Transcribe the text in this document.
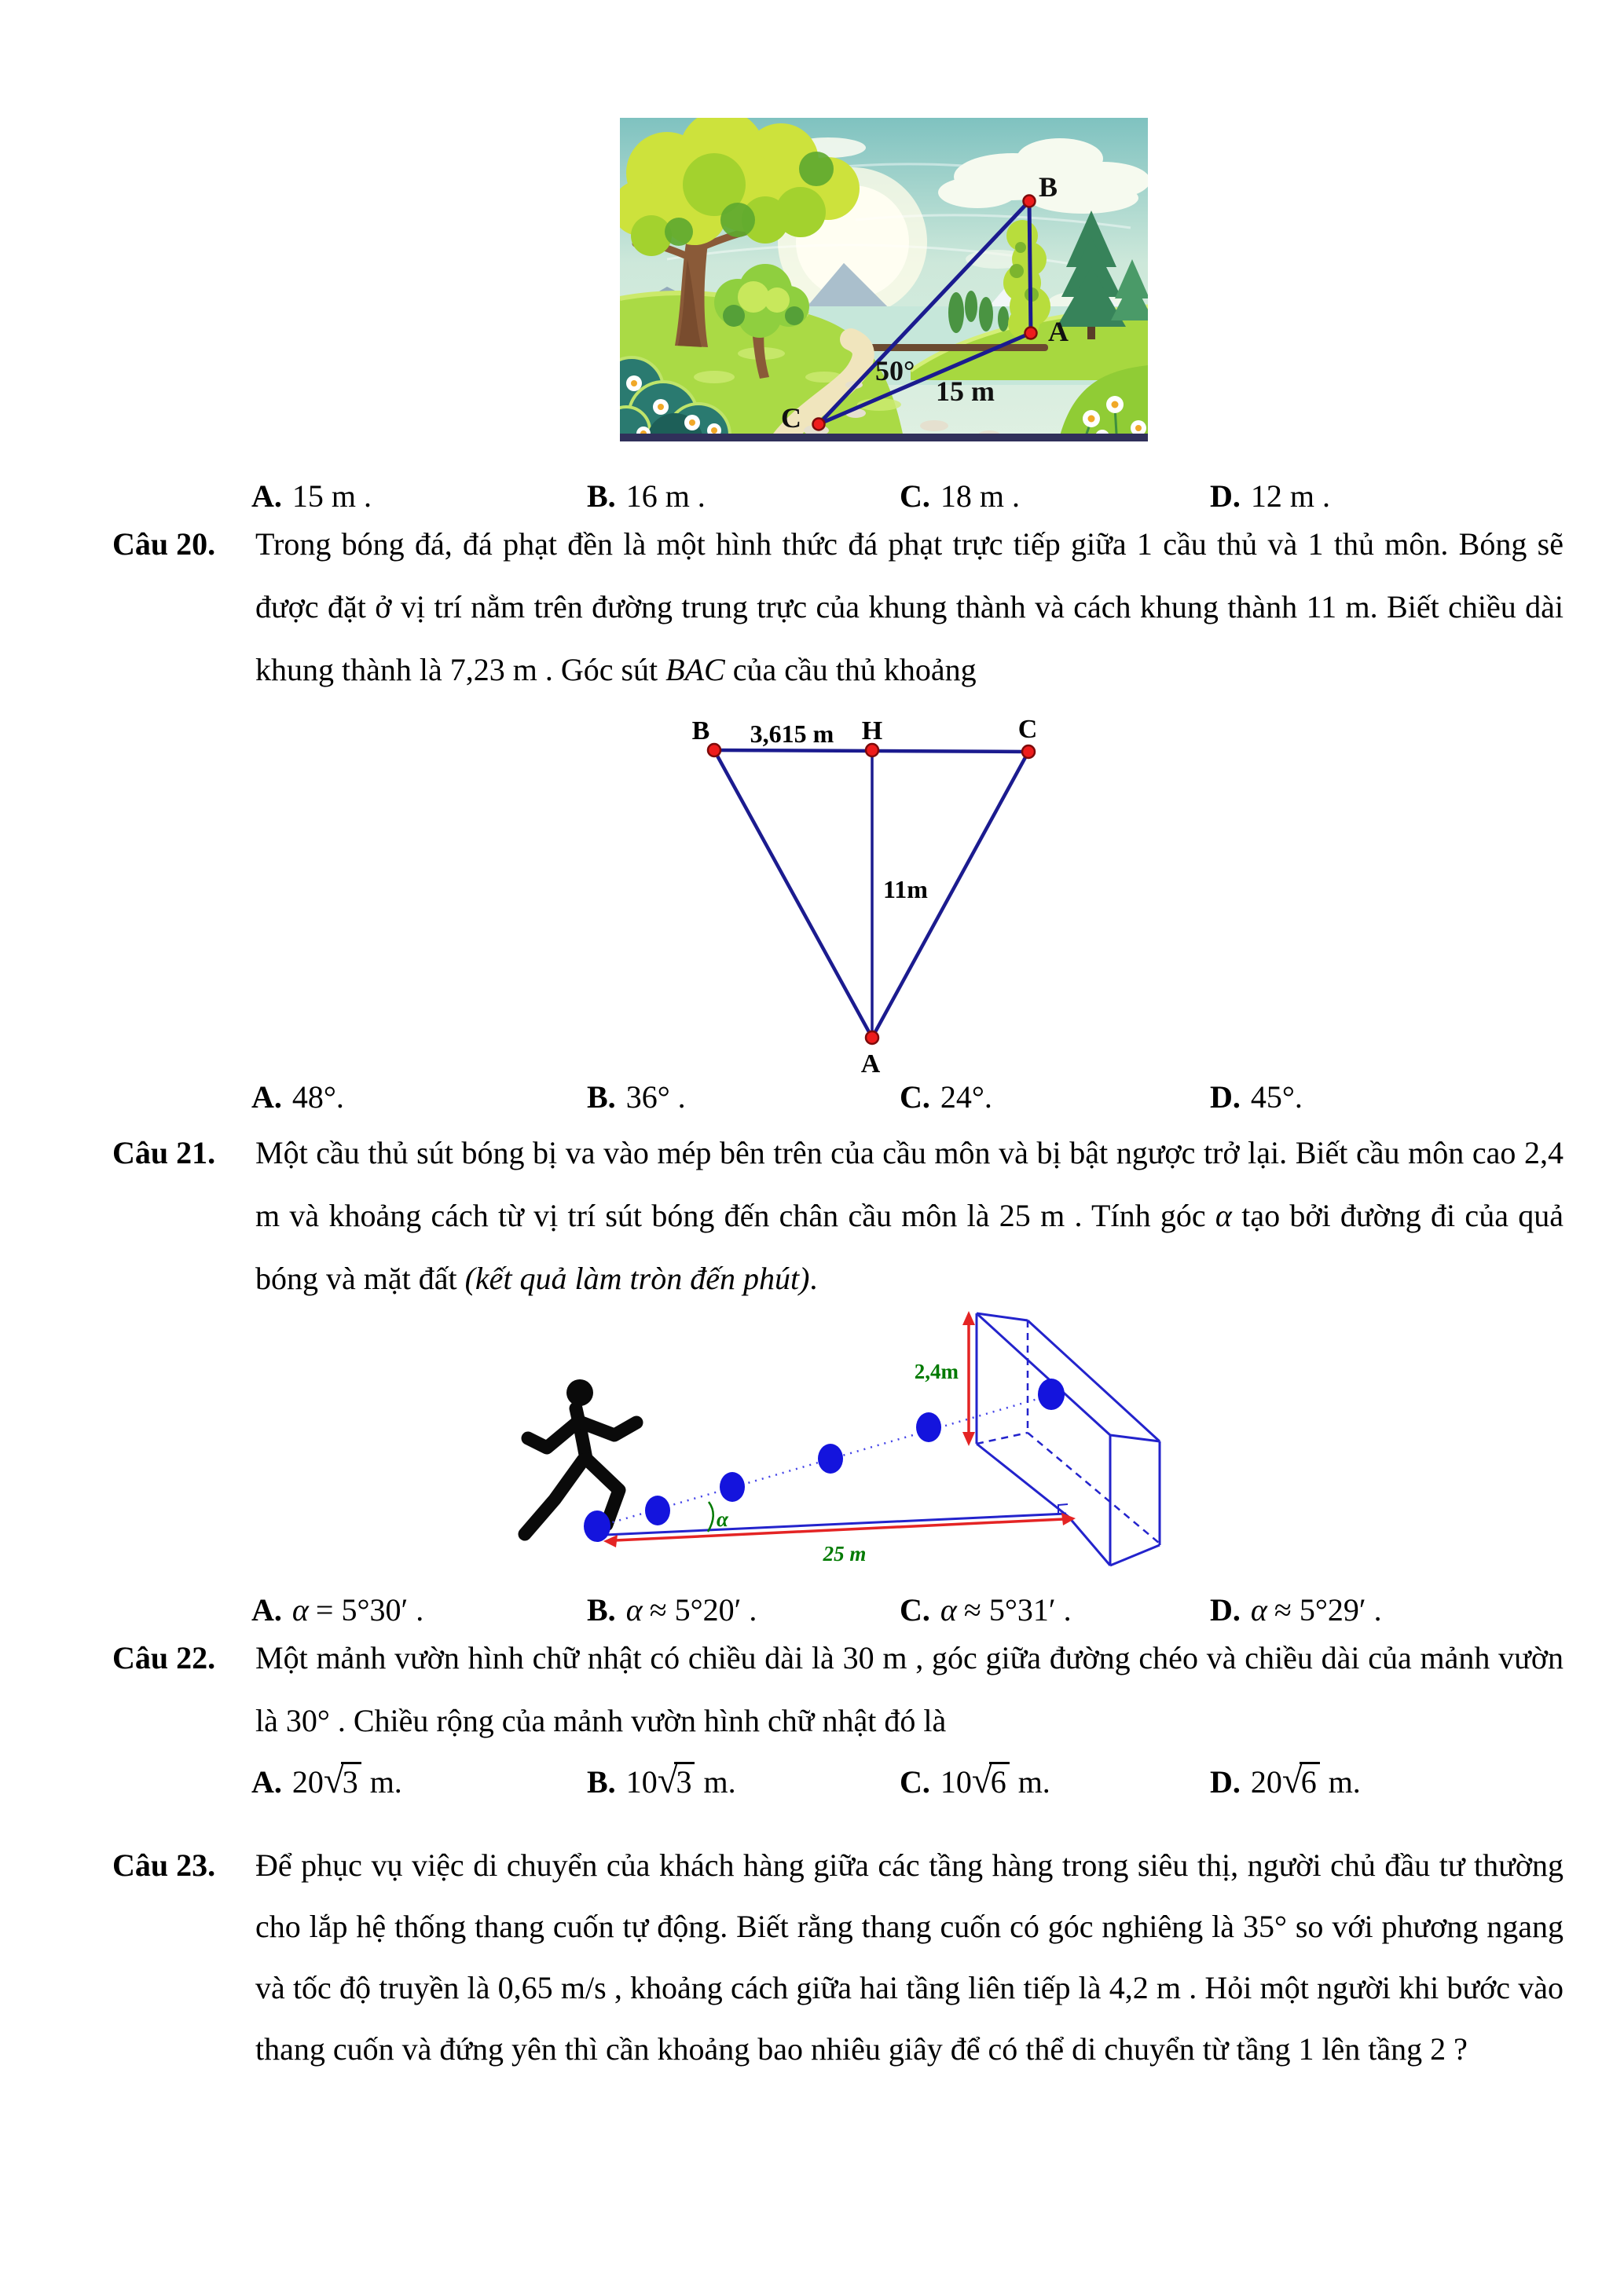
B
A
C
50°
15 m
A. 15 m .	B. 16 m .	C. 18 m .	D. 12 m .
Câu 20.	Trong bóng đá, đá phạt đền là một hình thức đá phạt trực tiếp giữa 1 cầu thủ và 1 thủ môn. Bóng sẽ được đặt ở vị trí nằm trên đường trung trực của khung thành và cách khung thành 11 m. Biết chiều dài khung thành là 7,23 m . Góc sút BAC của cầu thủ khoảng
B	H	C
A
3,615 m
11m
A. 48°.	B. 36° .	C. 24°.	D. 45°.
Câu 21.	Một cầu thủ sút bóng bị va vào mép bên trên của cầu môn và bị bật ngược trở lại. Biết cầu môn cao 2,4 m và khoảng cách từ vị trí sút bóng đến chân cầu môn là 25 m . Tính góc α tạo bởi đường đi của quả bóng và mặt đất (kết quả làm tròn đến phút).
α
2,4m
25 m
A. α = 5°30′ .	B. α ≈ 5°20′ .	C. α ≈ 5°31′ .	D. α ≈ 5°29′ .
Câu 22.	Một mảnh vườn hình chữ nhật có chiều dài là 30 m , góc giữa đường chéo và chiều dài của mảnh vườn là 30° . Chiều rộng của mảnh vườn hình chữ nhật đó là
A. 20√3 m.	B. 10√3 m.	C. 10√6 m.	D. 20√6 m.
Câu 23.	Để phục vụ việc di chuyển của khách hàng giữa các tầng hàng trong siêu thị, người chủ đầu tư thường cho lắp hệ thống thang cuốn tự động. Biết rằng thang cuốn có góc nghiêng là 35° so với phương ngang và tốc độ truyền là 0,65 m/s , khoảng cách giữa hai tầng liên tiếp là 4,2 m . Hỏi một người khi bước vào thang cuốn và đứng yên thì cần khoảng bao nhiêu giây để có thể di chuyển từ tầng 1 lên tầng 2 ?
